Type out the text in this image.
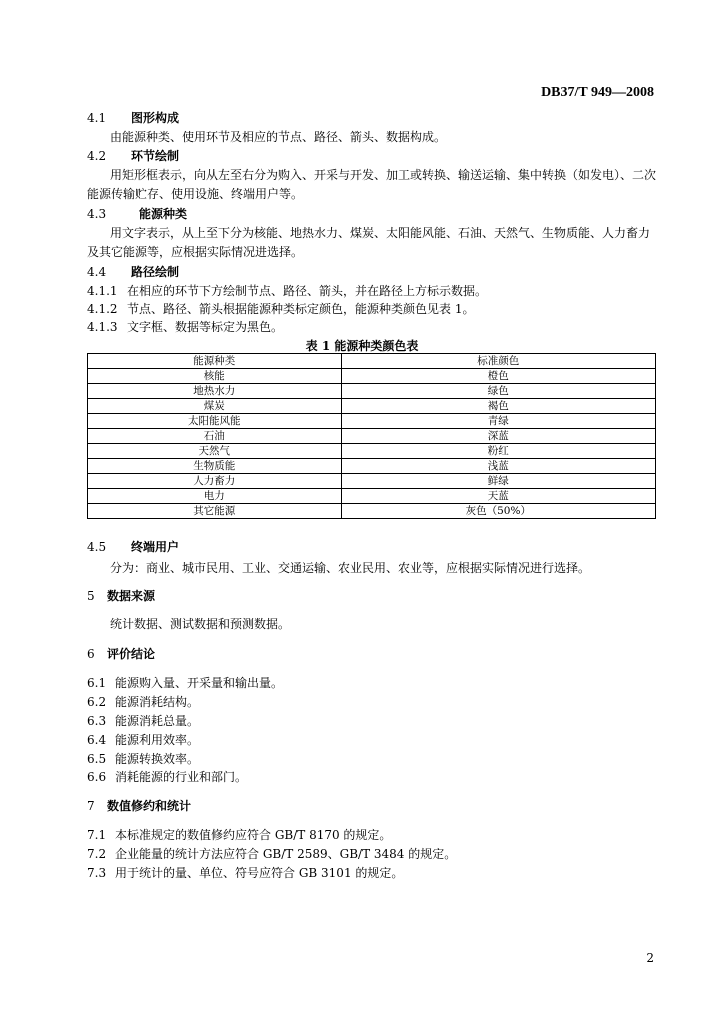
DB37/T 949—2008
4.1 图形构成
由能源种类、使用环节及相应的节点、路径、箭头、数据构成。
4.2 环节绘制
用矩形框表示，向从左至右分为购入、开采与开发、加工或转换、输送运输、集中转换（如发电）、二次能源传输贮存、使用设施、终端用户等。
4.3	能源种类
用文字表示，从上至下分为核能、地热水力、煤炭、太阳能风能、石油、天然气、生物质能、人力畜力及其它能源等，应根据实际情况进选择。
4.4 路径绘制
4.1.1 在相应的环节下方绘制节点、路径、箭头，并在路径上方标示数据。
4.1.2 节点、路径、箭头根据能源种类标定颜色，能源种类颜色见表 1。
4.1.3 文字框、数据等标定为黑色。
表 1 能源种类颜色表
能源种类	标准颜色
核能	橙色
地热水力	绿色
煤炭	褐色
太阳能风能	青绿
石油	深蓝
天然气	粉红
生物质能	浅蓝
人力畜力	鲜绿
电力	天蓝
其它能源	灰色（50%）
4.5 终端用户
分为：商业、城市民用、工业、交通运输、农业民用、农业等，应根据实际情况进行选择。
5 数据来源
统计数据、测试数据和预测数据。
6 评价结论
6.1 能源购入量、开采量和输出量。
6.2 能源消耗结构。
6.3 能源消耗总量。
6.4 能源利用效率。
6.5 能源转换效率。
6.6 消耗能源的行业和部门。
7 数值修约和统计
7.1 本标准规定的数值修约应符合 GB/T 8170 的规定。
7.2 企业能量的统计方法应符合 GB/T 2589、GB/T 3484 的规定。
7.3 用于统计的量、单位、符号应符合 GB 3101 的规定。
2
